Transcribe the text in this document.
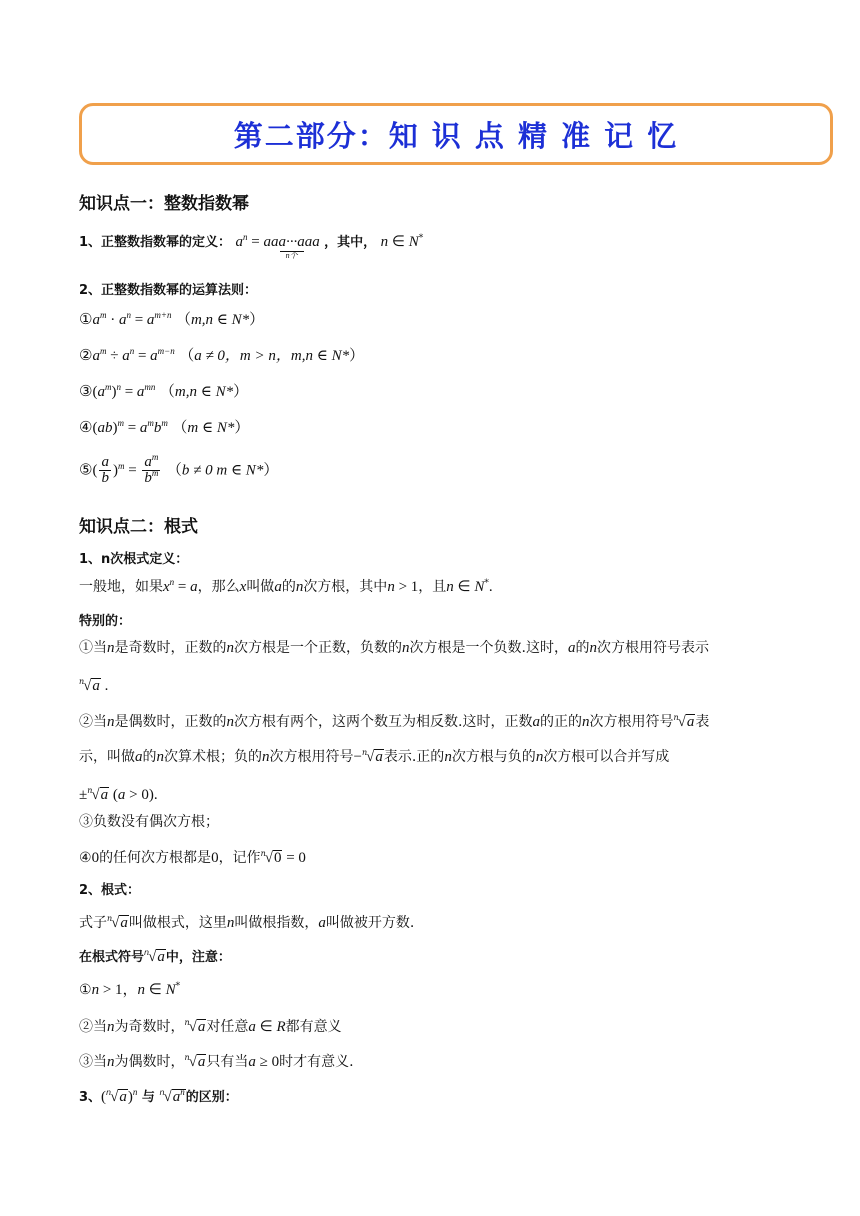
第二部分：知 识 点 精 准 记 忆
知识点一：整数指数幂
1、正整数指数幂的定义： $a^n = aaa\cdot\cdot\cdot aaa$
n个
，其中， n ∈ N*
2、正整数指数幂的运算法则：
$①a^m \cdot a^n = a^{m+n}$ （m,n ∈ N*）
$②a^m \div a^n = a^{m-n}$ （a ≠ 0，m > n，m,n ∈ N*）
$③(a^m)^n = a^{mn}$ （m,n ∈ N*）
④(ab)$^m$ = $a^mb^m$ （m ∈ N*）
⑤( $\frac{a}{b} )^m = \frac{a^m}{b^m} (b \ne 0$ m ∈ N*）
知识点二：根式
1、n次根式定义：
一般地，如果$x^n = a$，那么x叫做a的n次方根，其中n > 1，且n ∈ N*.
特别的：
①当n是奇数时，正数的n次方根是一个正数，负数的n次方根是一个负数.这时，a的n次方根用符号表示
$^n$√a .
②当n是偶数时，正数的n次方根有两个，这两个数互为相反数.这时，正数a的正的n次方根用符号$^n$√a表
示，叫做a的n次算术根；负的n次方根用符号−$^n$√a表示.正的n次方根与负的n次方根可以合并写成
±$^n$√a (a > 0).
③负数没有偶次方根；
④0的任何次方根都是0，记作$^n$√0 = 0
2、根式：
式子$^n$√a叫做根式，这里n叫做根指数，a叫做被开方数.
在根式符号$^n$√a中，注意：
①n > 1，n ∈ N*
②当n为奇数时，$^n$√a对任意a ∈ R都有意义
③当n为偶数时，$^n$√a只有当a ≥ 0时才有意义.
3、$(^n√a)^n$ 与 $^n√a^n$的区别：
